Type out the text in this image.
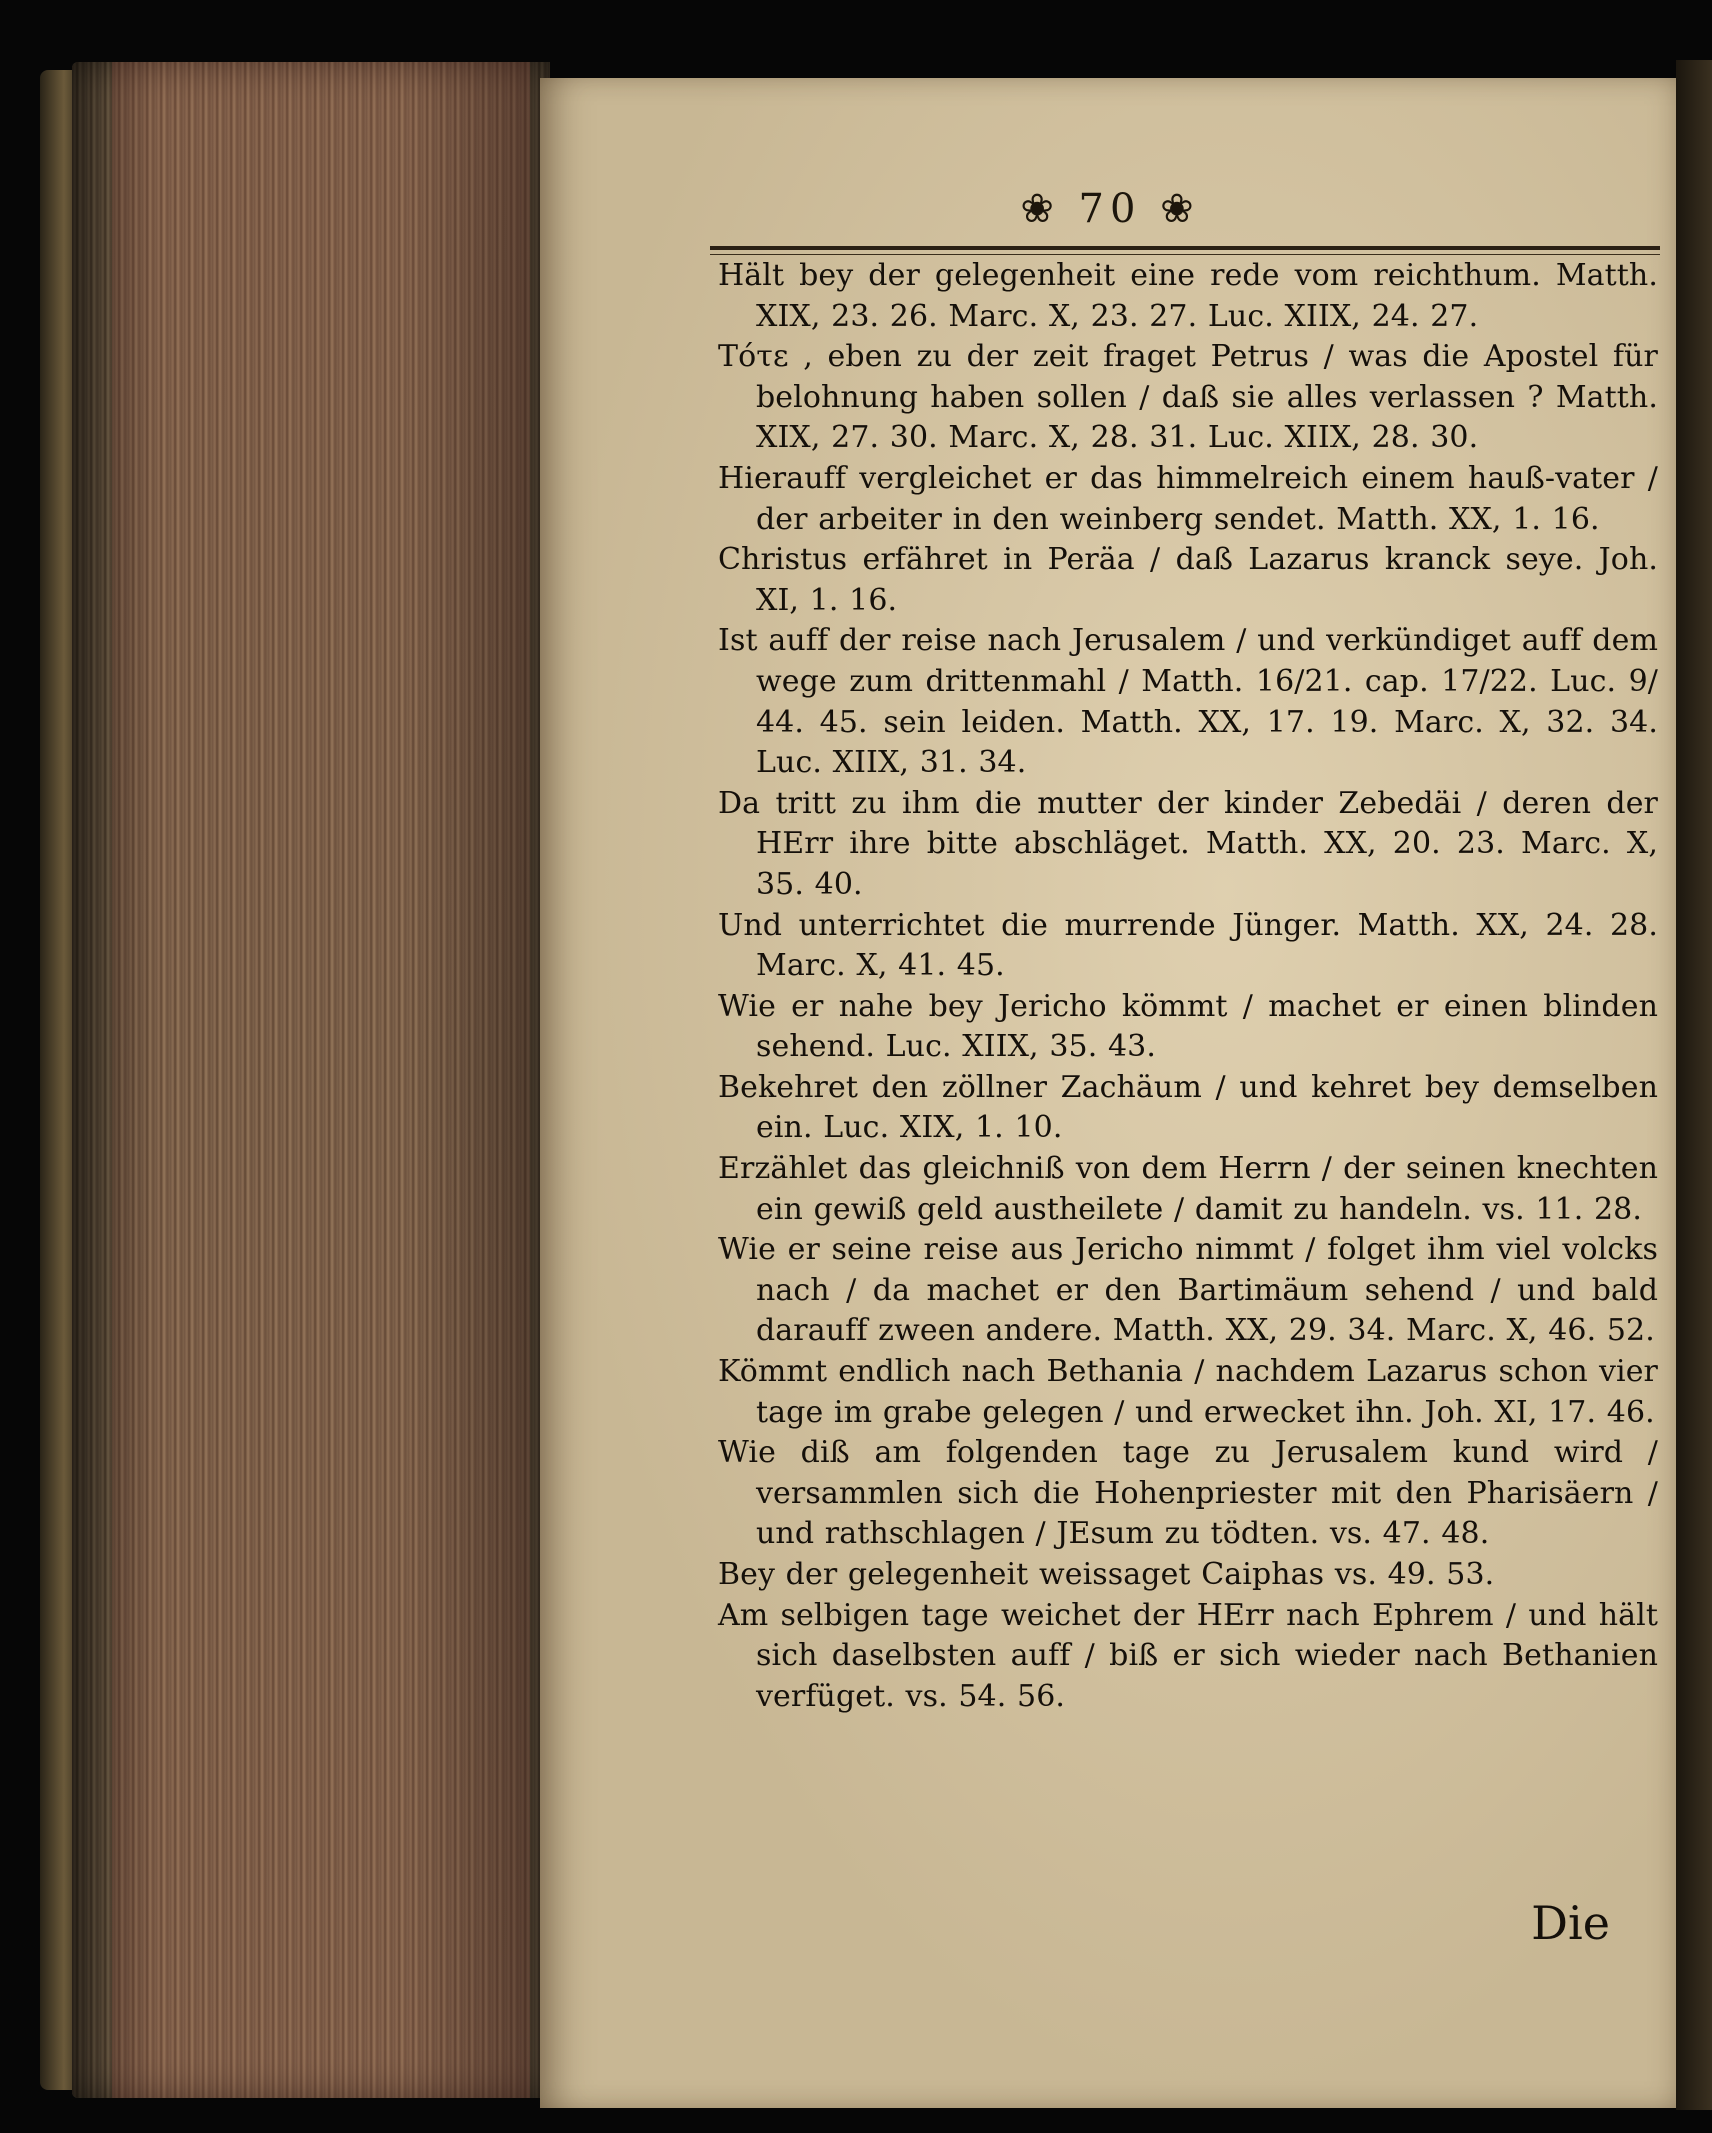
❀ 70 ❀

Hält bey der gelegenheit eine rede vom reichthum. Matth. XIX, 23. 26. Marc. X, 23. 27. Luc. XIIX, 24. 27.

Τότε , eben zu der zeit fraget Petrus / was die Apostel für belohnung haben sollen / daß sie alles verlassen ? Matth. XIX, 27. 30. Marc. X, 28. 31. Luc. XIIX, 28. 30.

Hierauff vergleichet er das himmelreich einem hauß-vater / der arbeiter in den weinberg sendet. Matth. XX, 1. 16.

Christus erfähret in Peräa / daß Lazarus kranck seye. Joh. XI, 1. 16.

Ist auff der reise nach Jerusalem / und verkündiget auff dem wege zum drittenmahl / Matth. 16/21. cap. 17/22. Luc. 9/ 44. 45. sein leiden. Matth. XX, 17. 19. Marc. X, 32. 34. Luc. XIIX, 31. 34.

Da tritt zu ihm die mutter der kinder Zebedäi / deren der HErr ihre bitte abschläget. Matth. XX, 20. 23. Marc. X, 35. 40.

Und unterrichtet die murrende Jünger. Matth. XX, 24. 28. Marc. X, 41. 45.

Wie er nahe bey Jericho kömmt / machet er einen blinden sehend. Luc. XIIX, 35. 43.

Bekehret den zöllner Zachäum / und kehret bey demselben ein. Luc. XIX, 1. 10.

Erzählet das gleichniß von dem Herrn / der seinen knechten ein gewiß geld austheilete / damit zu handeln. vs. 11. 28.

Wie er seine reise aus Jericho nimmt / folget ihm viel volcks nach / da machet er den Bartimäum sehend / und bald darauff zween andere. Matth. XX, 29. 34. Marc. X, 46. 52.

Kömmt endlich nach Bethania / nachdem Lazarus schon vier tage im grabe gelegen / und erwecket ihn. Joh. XI, 17. 46.

Wie diß am folgenden tage zu Jerusalem kund wird / versammlen sich die Hohenpriester mit den Pharisäern / und rathschlagen / JEsum zu tödten. vs. 47. 48.

Bey der gelegenheit weissaget Caiphas vs. 49. 53.

Am selbigen tage weichet der HErr nach Ephrem / und hält sich daselbsten auff / biß er sich wieder nach Bethanien verfüget. vs. 54. 56.

Die
